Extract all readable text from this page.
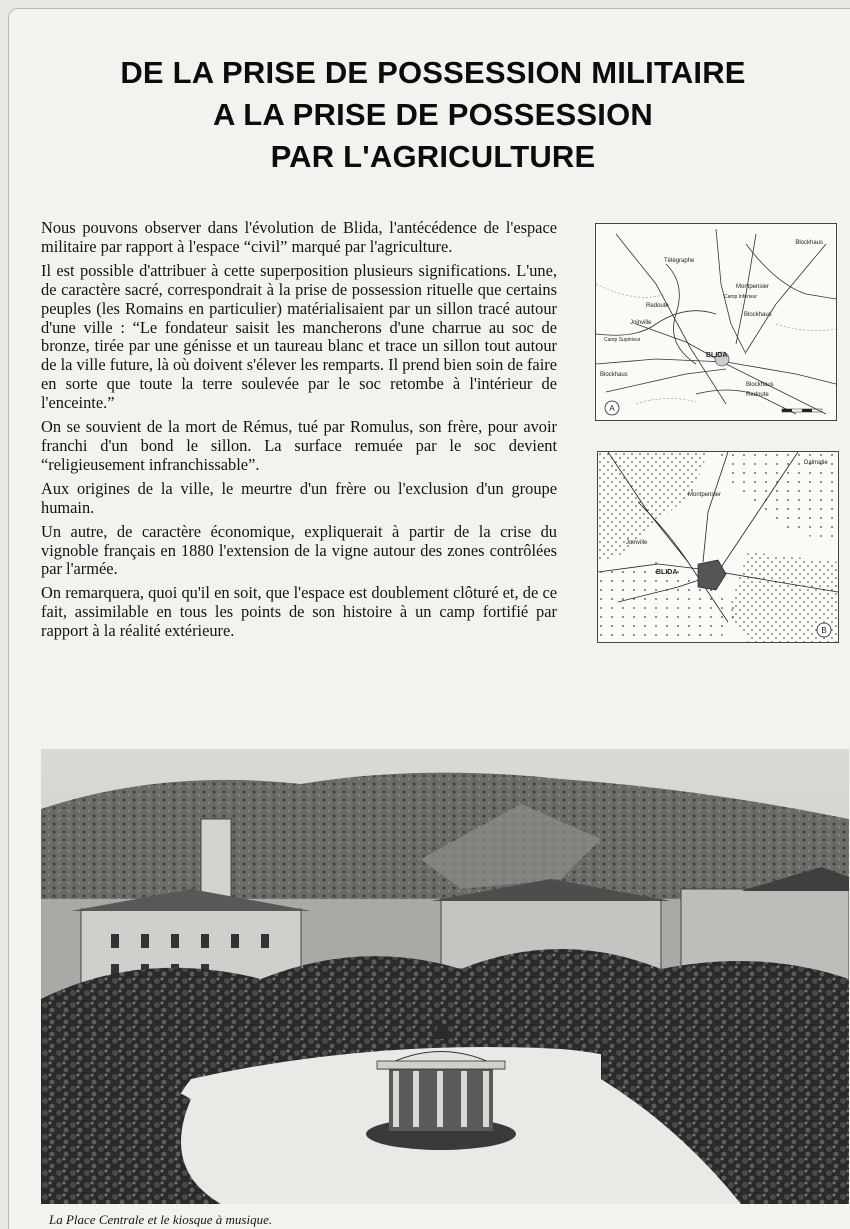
DE LA PRISE DE POSSESSION MILITAIRE
A LA PRISE DE POSSESSION
PAR L'AGRICULTURE

Nous pouvons observer dans l'évolution de Blida, l'antécédence de l'espace militaire par rapport à l'espace “civil” marqué par l'agriculture.

Il est possible d'attribuer à cette superposition plusieurs significations. L'une, de caractère sacré, correspondrait à la prise de possession rituelle que certains peuples (les Romains en particulier) matérialisaient par un sillon tracé autour d'une ville : “Le fondateur saisit les mancherons d'une charrue au soc de bronze, tirée par une génisse et un taureau blanc et trace un sillon tout autour de la ville future, là où doivent s'élever les remparts. Il prend bien soin de faire en sorte que toute la terre soulevée par le soc retombe à l'intérieur de l'enceinte.”

On se souvient de la mort de Rémus, tué par Romulus, son frère, pour avoir franchi d'un bond le sillon. La surface remuée par le soc devient “religieusement infranchissable”.

Aux origines de la ville, le meurtre d'un frère ou l'exclusion d'un groupe humain.

Un autre, de caractère économique, expliquerait à partir de la crise du vignoble français en 1880 l'extension de la vigne autour des zones contrôlées par l'armée.

On remarquera, quoi qu'il en soit, que l'espace est doublement clôturé et, de ce fait, assimilable en tous les points de son histoire à un camp fortifié par rapport à la réalité extérieure.

Blockhaus
Télégraphe
Montpensier
Camp Inférieur
Redoute
Joinville
Camp Supérieur
Blockhaus
BLIDA
Blockhaus
Blockhaus
Redoute
A
Dalmatie
Montpensier
Joinville
BLIDA
B
La Place Centrale et le kiosque à musique.
